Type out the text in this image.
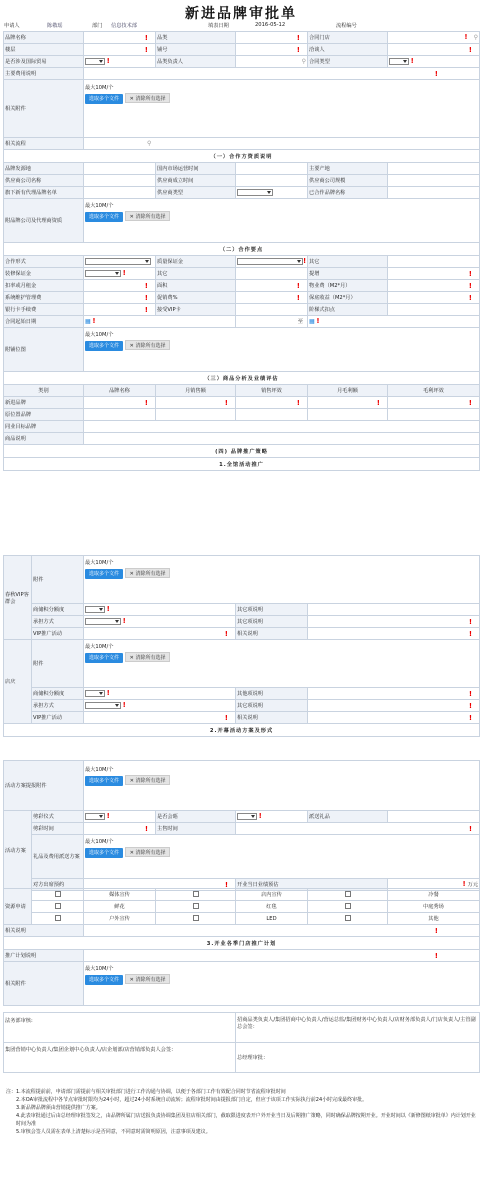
新进品牌审批单
申请人	陈敬瑶	部门 信息技术部	填表日期	2016-05-12	流程编号
品牌名称	!	品类	!	合同门店	⚲
!

楼层	!	铺号	!	洽谈人	!

是否涉及国际贸易	!	品类负责人	⚲	合同类型	!
主要费用说明	!				

相关附件	最大10M/个
选取多个文件 ✕ 清除所有选择				

相关流程	⚲				
（一）合作方资质说明					
品牌发源地		国内市场运营时间		主要产地	
供应商公司名称		供应商成立时间		供应商公司规模	
旗下新有代理品牌名单		供应商类型		已合作品牌名称	
附品牌公司及代理商资质	最大10M/个
选取多个文件 ✕ 清除所有选择				

（二）合作要点					
合作形式		质量保证金	!	其它	
装修保证金	!	其它		提增	!

扣率或月租金	!	面积	!	物业费（M2*月）	!

系统维护管理费	!	促销费%	!	保底收益（M2*月）	!

银行卡手续费	!	接受VIP卡		阶梯式扣点	
合同起始日期	▦ !		至	▦ !	
附铺位图	最大10M/个
选取多个文件 ✕ 清除所有选择				

（三）商品分析及业绩评估					
类别	品牌名称	月销售额	销售坪效	月毛利额	毛利坪效
新进品牌	!	!	!	!	!

原位置品牌					
同业目标品牌					
商品说明					
(四) 品牌推广策略					
1.全馆活动推广					
春秋VIP客群会	附件	最大10M/个
选取多个文件 ✕ 清除所有选择		

	商储积分额度	!	其它项说明	
	承担方式	!	其它项说明	!

	VIP推广活动	!	相关说明	!

店庆	附件	最大10M/个
选取多个文件 ✕ 清除所有选择		

	商储积分额度	!	其他项说明	!

	承担方式	!	其它项说明	!

	VIP推广活动	!	相关说明	!

2.开幕活动方案及形式				
活动方案提报附件		最大10M/个
选取多个文件 ✕ 清除所有选择				

活动方案	剪彩仪式	!	是否会晤	!	派送礼品	
	剪彩时间	!	主售时间	!		

	礼品及费用派送方案	最大10M/个
选取多个文件 ✕ 清除所有选择				

	对方出席预约	!		开业当日业绩预估		万元
!

资源申请		媒体宣传		店内宣传		冷餐
		鲜花		红毯		中庭秀场
		户外宣传		LED		其他
相关说明		!				

3.开业各季门店推广计划						
推广计划说明		!				

相关附件		最大10M/个
选取多个文件 ✕ 清除所有选择				
法务部审核:	招商品类负责人/集团招商中心负责人/营运总监/集团财务中心负责人/店财务部负责人/门店负责人/主管副总会签：
集团营销中心负责人/集团企划中心负责人/店企划部/店营销部负责人会签：	总经理审批：
注：1.本流程提前前，申请部门需提前与相关审批部门进行工作沟通与协调，以便于各部门工作有效配合同时节省流程审批时间
2.本OA审批流程中各节点审批时限均为24小时，超过24小时系统自动流转；流程审批时间由提报部门自定，但应于该项工作实际执行前24小时完成最终审批。
3.新品牌品牌须由营销提供推广方案。
4.此表审批通过后由总经理审批签发之，由品牌所属门店送报负责协调集团及驻店相关部门，截取限进度表开户外开业当日及后期推广策略，同时确保品牌按期开业。开业时间以《新修图纸审批单》内计划开业时间为准
5.审核会签人员需在表单上清楚标示是否同意，不同意时需简明原因，注意事项及建议。
